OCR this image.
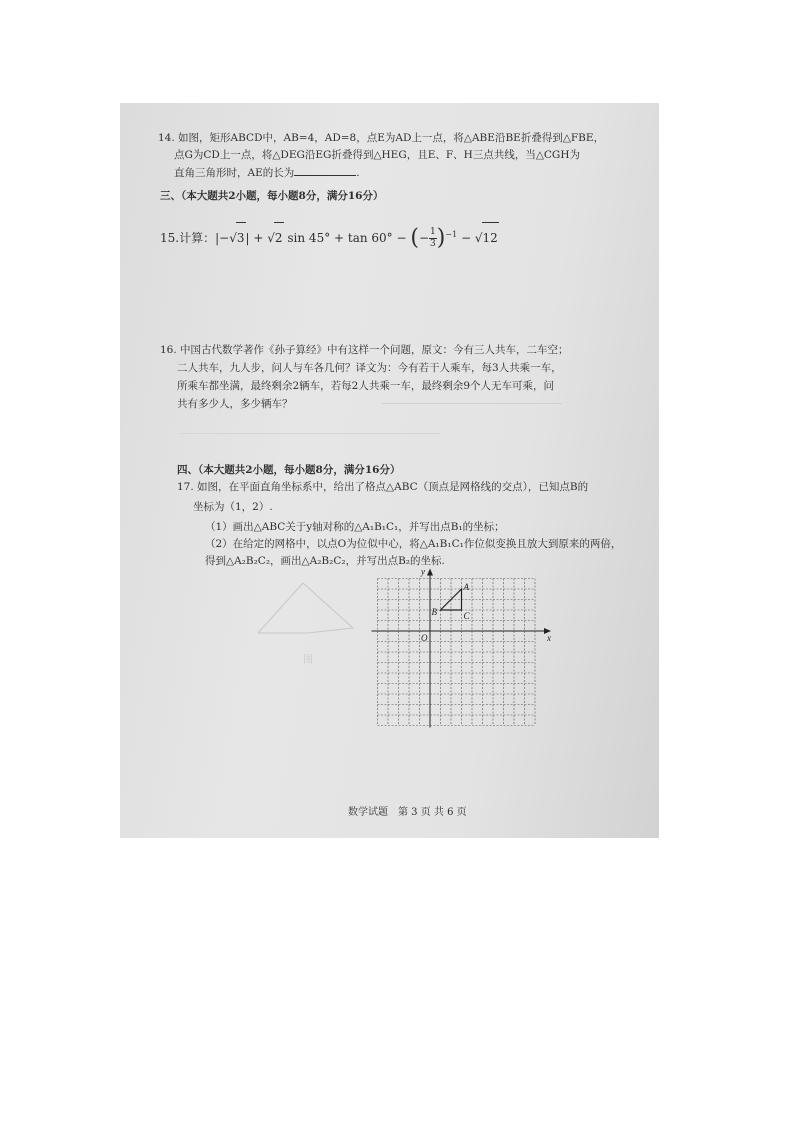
14. 如图，矩形ABCD中，AB=4，AD=8，点E为AD上一点，将△ABE沿BE折叠得到△FBE，
点G为CD上一点，将△DEG沿EG折叠得到△HEG，且E、F、H三点共线，当△CGH为
直角三角形时，AE的长为	.
三、（本大题共2小题，每小题8分，满分16分）
15.计算：|−√3| + √2 sin 45° + tan 60° − (− $\frac{1}{3} )^{-1} - √12$
16. 中国古代数学著作《孙子算经》中有这样一个问题，原文：今有三人共车，二车空；
二人共车，九人步，问人与车各几何？译文为：今有若干人乘车，每3人共乘一车，
所乘车都坐满，最终剩余2辆车，若每2人共乘一车，最终剩余9个人无车可乘，问
共有多少人，多少辆车？
四、（本大题共2小题，每小题8分，满分16分）
17. 如图，在平面直角坐标系中，给出了格点△ABC（顶点是网格线的交点），已知点B的
坐标为（1，2）.
（1）画出△ABC关于y轴对称的△A₁B₁C₁，并写出点B₁的坐标；
（2）在给定的网格中，以点O为位似中心，将△A₁B₁C₁作位似变换且放大到原来的两倍，
得到△A₂B₂C₂，画出△A₂B₂C₂，并写出点B₂的坐标.
图
x
y
O
A
B	C
数学试题　第 3 页 共 6 页
